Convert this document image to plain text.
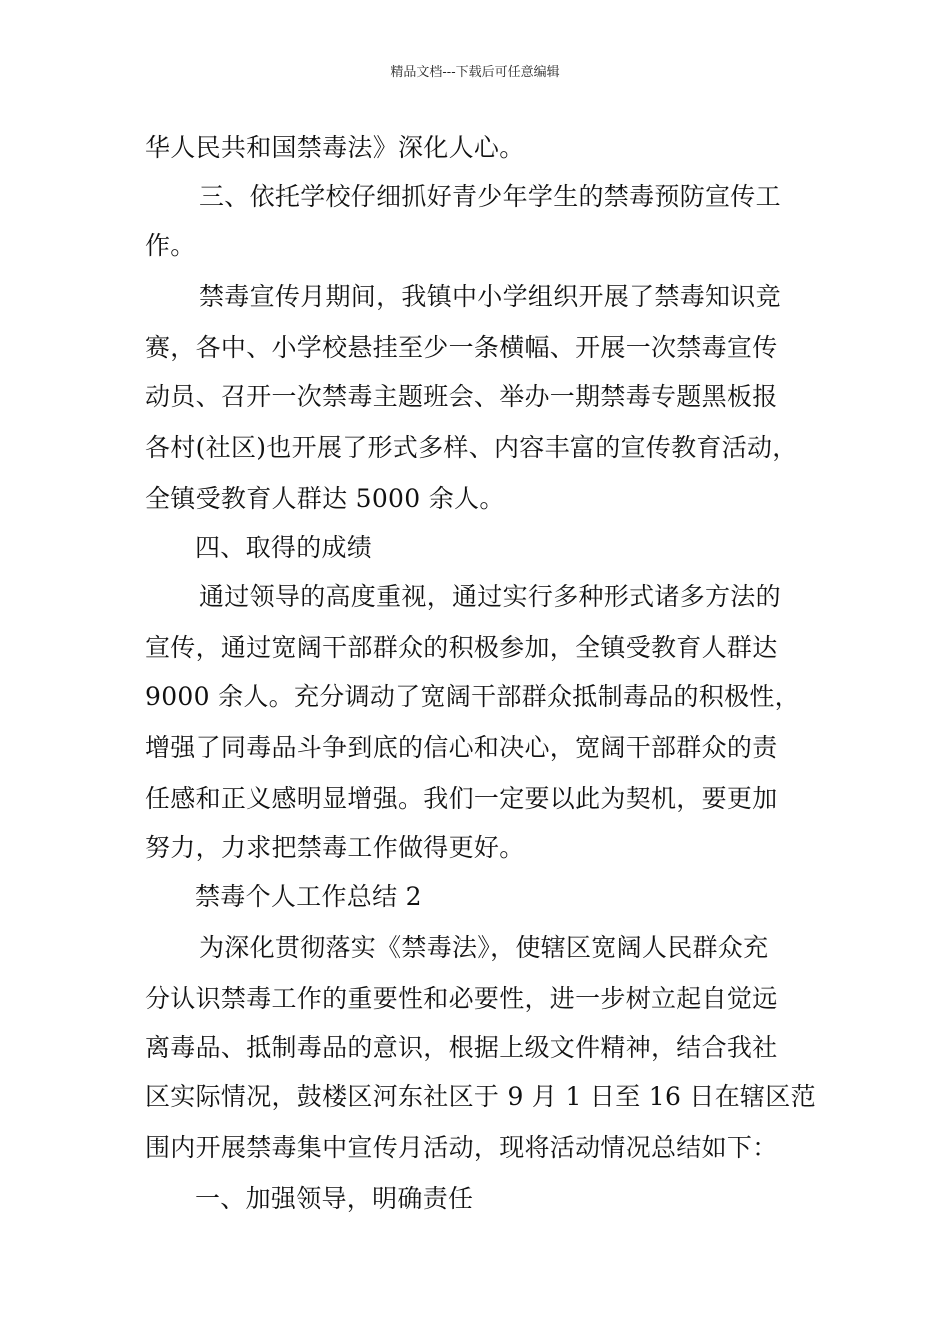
精品文档---下载后可任意编辑
华人民共和国禁毒法》深化人心。
三、依托学校仔细抓好青少年学生的禁毒预防宣传工
作。
禁毒宣传月期间，我镇中小学组织开展了禁毒知识竞
赛，各中、小学校悬挂至少一条横幅、开展一次禁毒宣传
动员、召开一次禁毒主题班会、举办一期禁毒专题黑板报
各村(社区)也开展了形式多样、内容丰富的宣传教育活动，
全镇受教育人群达 5000 余人。
四、取得的成绩
通过领导的高度重视，通过实行多种形式诸多方法的
宣传，通过宽阔干部群众的积极参加，全镇受教育人群达
9000 余人。充分调动了宽阔干部群众抵制毒品的积极性，
增强了同毒品斗争到底的信心和决心，宽阔干部群众的责
任感和正义感明显增强。我们一定要以此为契机，要更加
努力，力求把禁毒工作做得更好。
禁毒个人工作总结 2
为深化贯彻落实《禁毒法》，使辖区宽阔人民群众充
分认识禁毒工作的重要性和必要性，进一步树立起自觉远
离毒品、抵制毒品的意识，根据上级文件精神，结合我社
区实际情况，鼓楼区河东社区于 9 月 1 日至 16 日在辖区范
围内开展禁毒集中宣传月活动，现将活动情况总结如下：
一、加强领导，明确责任
